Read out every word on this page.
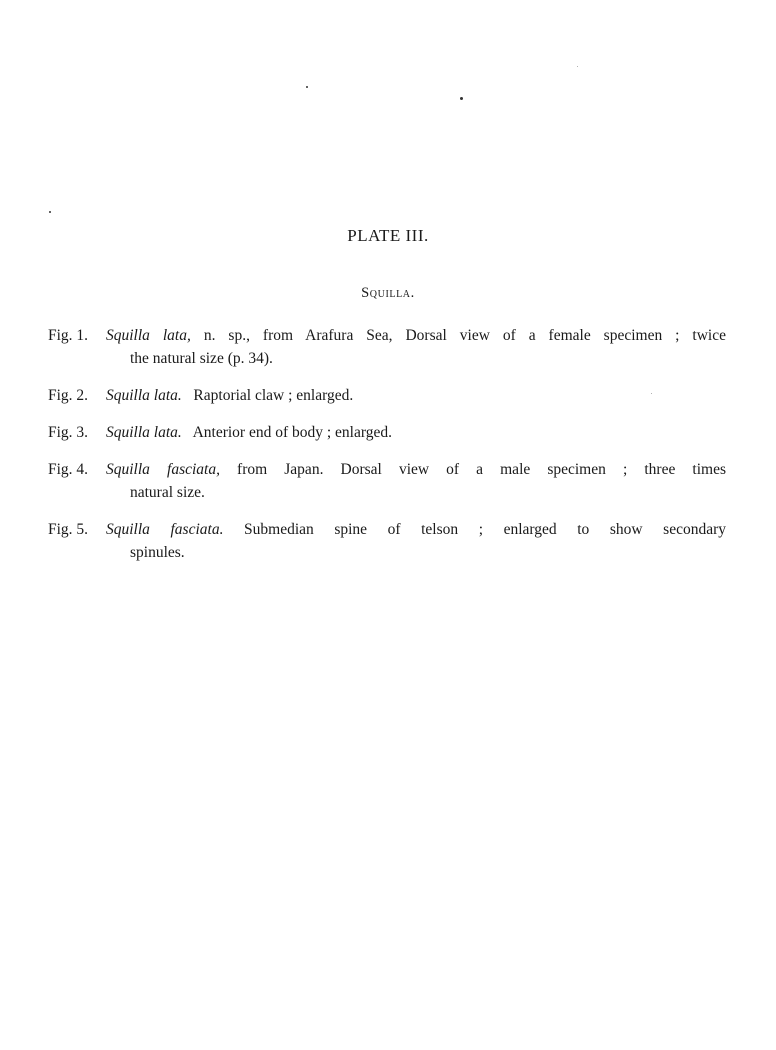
PLATE III.
Squilla.
Fig. 1. Squilla lata, n. sp., from Arafura Sea, Dorsal view of a female specimen ; twice
the natural size (p. 34).
Fig. 2.	Squilla lata.   Raptorial claw ; enlarged.
Fig. 3.	Squilla lata.   Anterior end of body ; enlarged.
Fig. 4. Squilla fasciata, from Japan. Dorsal view of a male specimen ; three times
natural size.
Fig. 5. Squilla fasciata. Submedian spine of telson ; enlarged to show secondary
spinules.
